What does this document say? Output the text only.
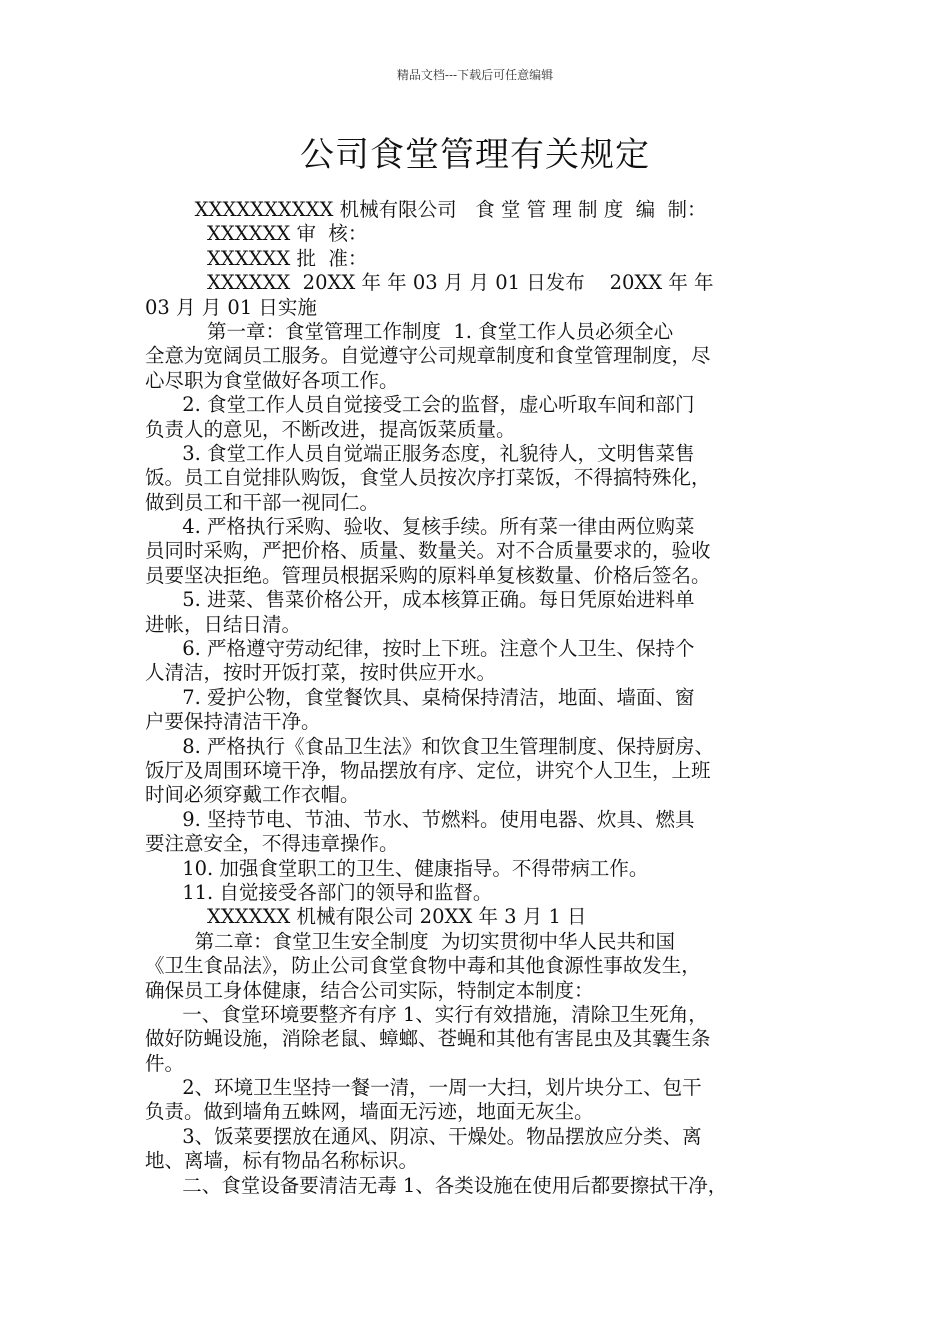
精品文档---下载后可任意编辑
公司食堂管理有关规定
XXXXXXXXXX 机械有限公司   食 堂 管 理 制 度  编  制：
XXXXXX 审  核：
XXXXXX 批  准：
XXXXXX  20XX 年 年 03 月 月 01 日发布    20XX 年 年
03 月 月 01 日实施
第一章：食堂管理工作制度  1. 食堂工作人员必须全心
全意为宽阔员工服务。自觉遵守公司规章制度和食堂管理制度，尽
心尽职为食堂做好各项工作。
2. 食堂工作人员自觉接受工会的监督，虚心听取车间和部门
负责人的意见，不断改进，提高饭菜质量。
3. 食堂工作人员自觉端正服务态度，礼貌待人，文明售菜售
饭。员工自觉排队购饭，食堂人员按次序打菜饭，不得搞特殊化，
做到员工和干部一视同仁。
4. 严格执行采购、验收、复核手续。所有菜一律由两位购菜
员同时采购，严把价格、质量、数量关。对不合质量要求的，验收
员要坚决拒绝。管理员根据采购的原料单复核数量、价格后签名。
5. 进菜、售菜价格公开，成本核算正确。每日凭原始进料单
进帐，日结日清。
6. 严格遵守劳动纪律，按时上下班。注意个人卫生、保持个
人清洁，按时开饭打菜，按时供应开水。
7. 爱护公物，食堂餐饮具、桌椅保持清洁，地面、墙面、窗
户要保持清洁干净。
8. 严格执行《食品卫生法》和饮食卫生管理制度、保持厨房、
饭厅及周围环境干净，物品摆放有序、定位，讲究个人卫生，上班
时间必须穿戴工作衣帽。
9. 坚持节电、节油、节水、节燃料。使用电器、炊具、燃具
要注意安全，不得违章操作。
10. 加强食堂职工的卫生、健康指导。不得带病工作。
11. 自觉接受各部门的领导和监督。
XXXXXX 机械有限公司 20XX 年 3 月 1 日
第二章：食堂卫生安全制度  为切实贯彻中华人民共和国
《卫生食品法》，防止公司食堂食物中毒和其他食源性事故发生，
确保员工身体健康，结合公司实际，特制定本制度：
一、食堂环境要整齐有序 1、实行有效措施，清除卫生死角，
做好防蝇设施，消除老鼠、蟑螂、苍蝇和其他有害昆虫及其囊生条
件。
2、环境卫生坚持一餐一清，一周一大扫，划片块分工、包干
负责。做到墙角五蛛网，墙面无污迹，地面无灰尘。
3、饭菜要摆放在通风、阴凉、干燥处。物品摆放应分类、离
地、离墙，标有物品名称标识。
二、食堂设备要清洁无毒 1、各类设施在使用后都要擦拭干净，
